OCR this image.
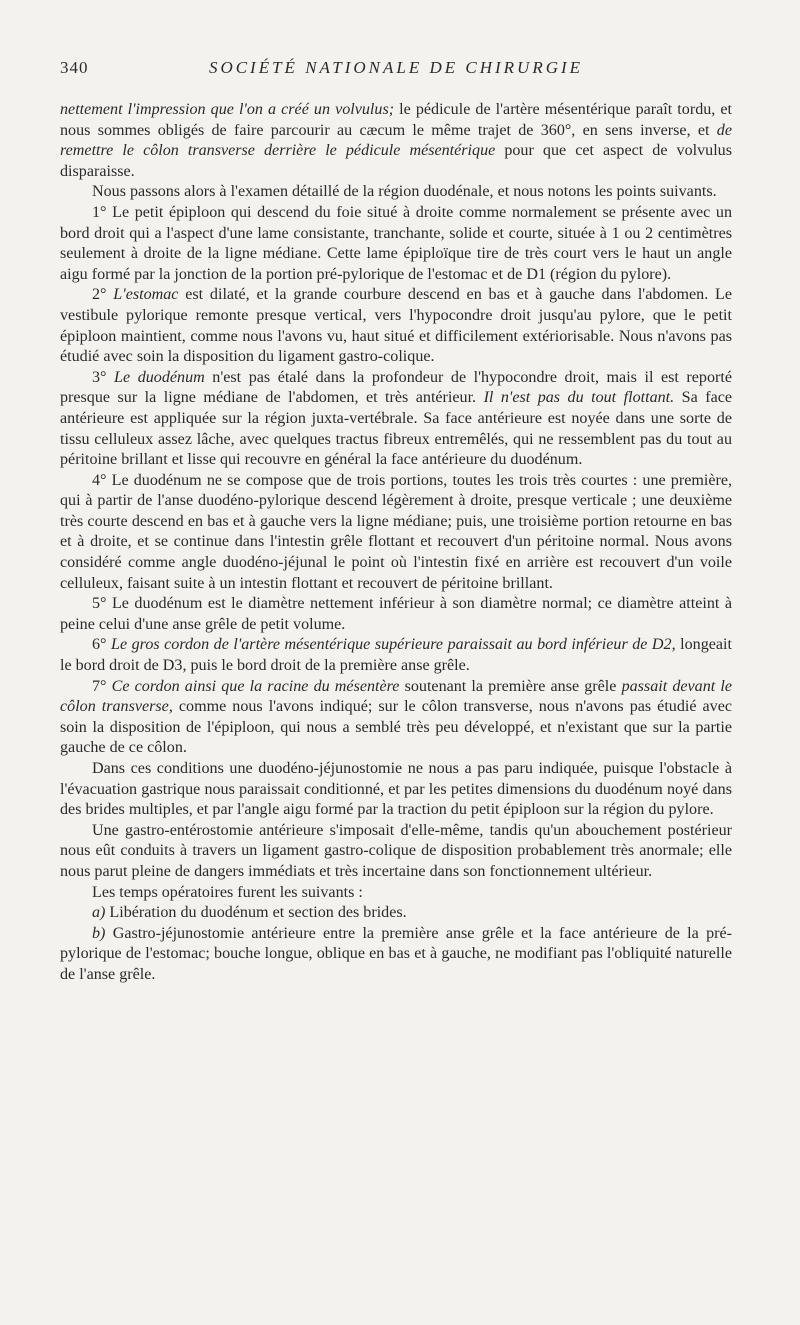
340	SOCIÉTÉ NATIONALE DE CHIRURGIE

nettement l'impression que l'on a créé un volvulus; le pédicule de l'artère mésentérique paraît tordu, et nous sommes obligés de faire parcourir au cæcum le même trajet de 360°, en sens inverse, et de remettre le côlon transverse derrière le pédicule mésentérique pour que cet aspect de volvulus disparaisse.

Nous passons alors à l'examen détaillé de la région duodénale, et nous notons les points suivants.

1° Le petit épiploon qui descend du foie situé à droite comme normalement se présente avec un bord droit qui a l'aspect d'une lame consistante, tranchante, solide et courte, située à 1 ou 2 centimètres seulement à droite de la ligne médiane. Cette lame épiploïque tire de très court vers le haut un angle aigu formé par la jonction de la portion pré-pylorique de l'estomac et de D1 (région du pylore).

2° L'estomac est dilaté, et la grande courbure descend en bas et à gauche dans l'abdomen. Le vestibule pylorique remonte presque vertical, vers l'hypocondre droit jusqu'au pylore, que le petit épiploon maintient, comme nous l'avons vu, haut situé et difficilement extériorisable. Nous n'avons pas étudié avec soin la disposition du ligament gastro-colique.

3° Le duodénum n'est pas étalé dans la profondeur de l'hypocondre droit, mais il est reporté presque sur la ligne médiane de l'abdomen, et très antérieur. Il n'est pas du tout flottant. Sa face antérieure est appliquée sur la région juxta-vertébrale. Sa face antérieure est noyée dans une sorte de tissu celluleux assez lâche, avec quelques tractus fibreux entremêlés, qui ne ressemblent pas du tout au péritoine brillant et lisse qui recouvre en général la face antérieure du duodénum.

4° Le duodénum ne se compose que de trois portions, toutes les trois très courtes : une première, qui à partir de l'anse duodéno-pylorique descend légèrement à droite, presque verticale ; une deuxième très courte descend en bas et à gauche vers la ligne médiane; puis, une troisième portion retourne en bas et à droite, et se continue dans l'intestin grêle flottant et recouvert d'un péritoine normal. Nous avons considéré comme angle duodéno-jéjunal le point où l'intestin fixé en arrière est recouvert d'un voile celluleux, faisant suite à un intestin flottant et recouvert de péritoine brillant.

5° Le duodénum est le diamètre nettement inférieur à son diamètre normal; ce diamètre atteint à peine celui d'une anse grêle de petit volume.

6° Le gros cordon de l'artère mésentérique supérieure paraissait au bord inférieur de D2, longeait le bord droit de D3, puis le bord droit de la première anse grêle.

7° Ce cordon ainsi que la racine du mésentère soutenant la première anse grêle passait devant le côlon transverse, comme nous l'avons indiqué; sur le côlon transverse, nous n'avons pas étudié avec soin la disposition de l'épiploon, qui nous a semblé très peu développé, et n'existant que sur la partie gauche de ce côlon.

Dans ces conditions une duodéno-jéjunostomie ne nous a pas paru indiquée, puisque l'obstacle à l'évacuation gastrique nous paraissait conditionné, et par les petites dimensions du duodénum noyé dans des brides multiples, et par l'angle aigu formé par la traction du petit épiploon sur la région du pylore.

Une gastro-entérostomie antérieure s'imposait d'elle-même, tandis qu'un abouchement postérieur nous eût conduits à travers un ligament gastro-colique de disposition probablement très anormale; elle nous parut pleine de dangers immédiats et très incertaine dans son fonctionnement ultérieur.

Les temps opératoires furent les suivants :

a) Libération du duodénum et section des brides.

b) Gastro-jéjunostomie antérieure entre la première anse grêle et la face antérieure de la pré-pylorique de l'estomac; bouche longue, oblique en bas et à gauche, ne modifiant pas l'obliquité naturelle de l'anse grêle.
